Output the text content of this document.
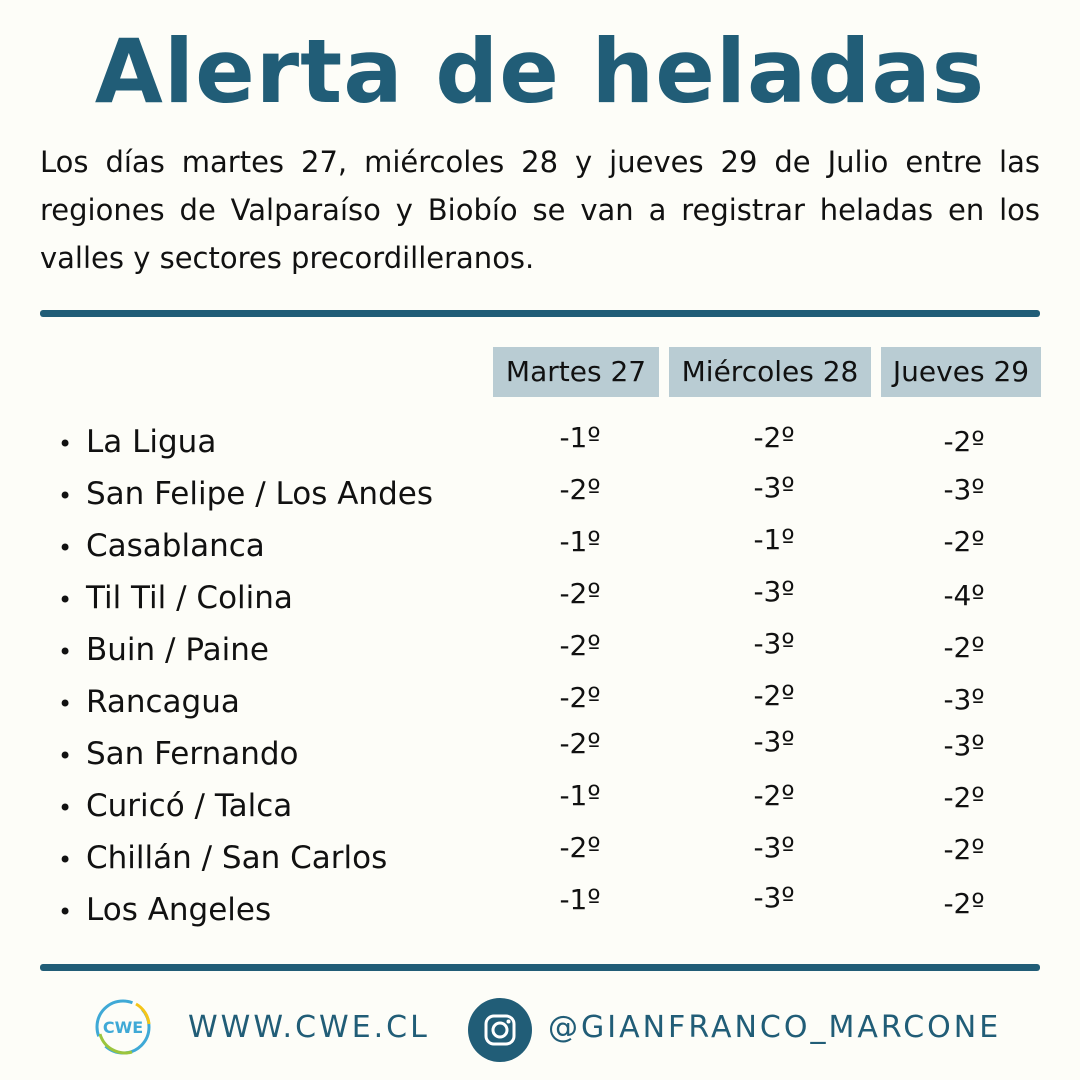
Alerta de heladas
Los días martes 27, miércoles 28 y jueves 29 de Julio entre las regiones de Valparaíso y Biobío se van a registrar heladas en los valles y sectores precordilleranos.
Martes 27	Miércoles 28	Jueves 29
• La Ligua	-1º	-2º	-2º
• San Felipe / Los Andes	-2º	-3º	-3º
• Casablanca	-1º	-1º	-2º
• Til Til / Colina	-2º	-3º	-4º
• Buin / Paine	-2º	-3º	-2º
• Rancagua	-2º	-2º	-3º
• San Fernando	-2º	-3º	-3º
• Curicó / Talca	-1º	-2º	-2º
• Chillán / San Carlos	-2º	-3º	-2º
• Los Angeles	-1º	-3º	-2º
CWE WWW.CWE.CL	@GIANFRANCO_MARCONE
